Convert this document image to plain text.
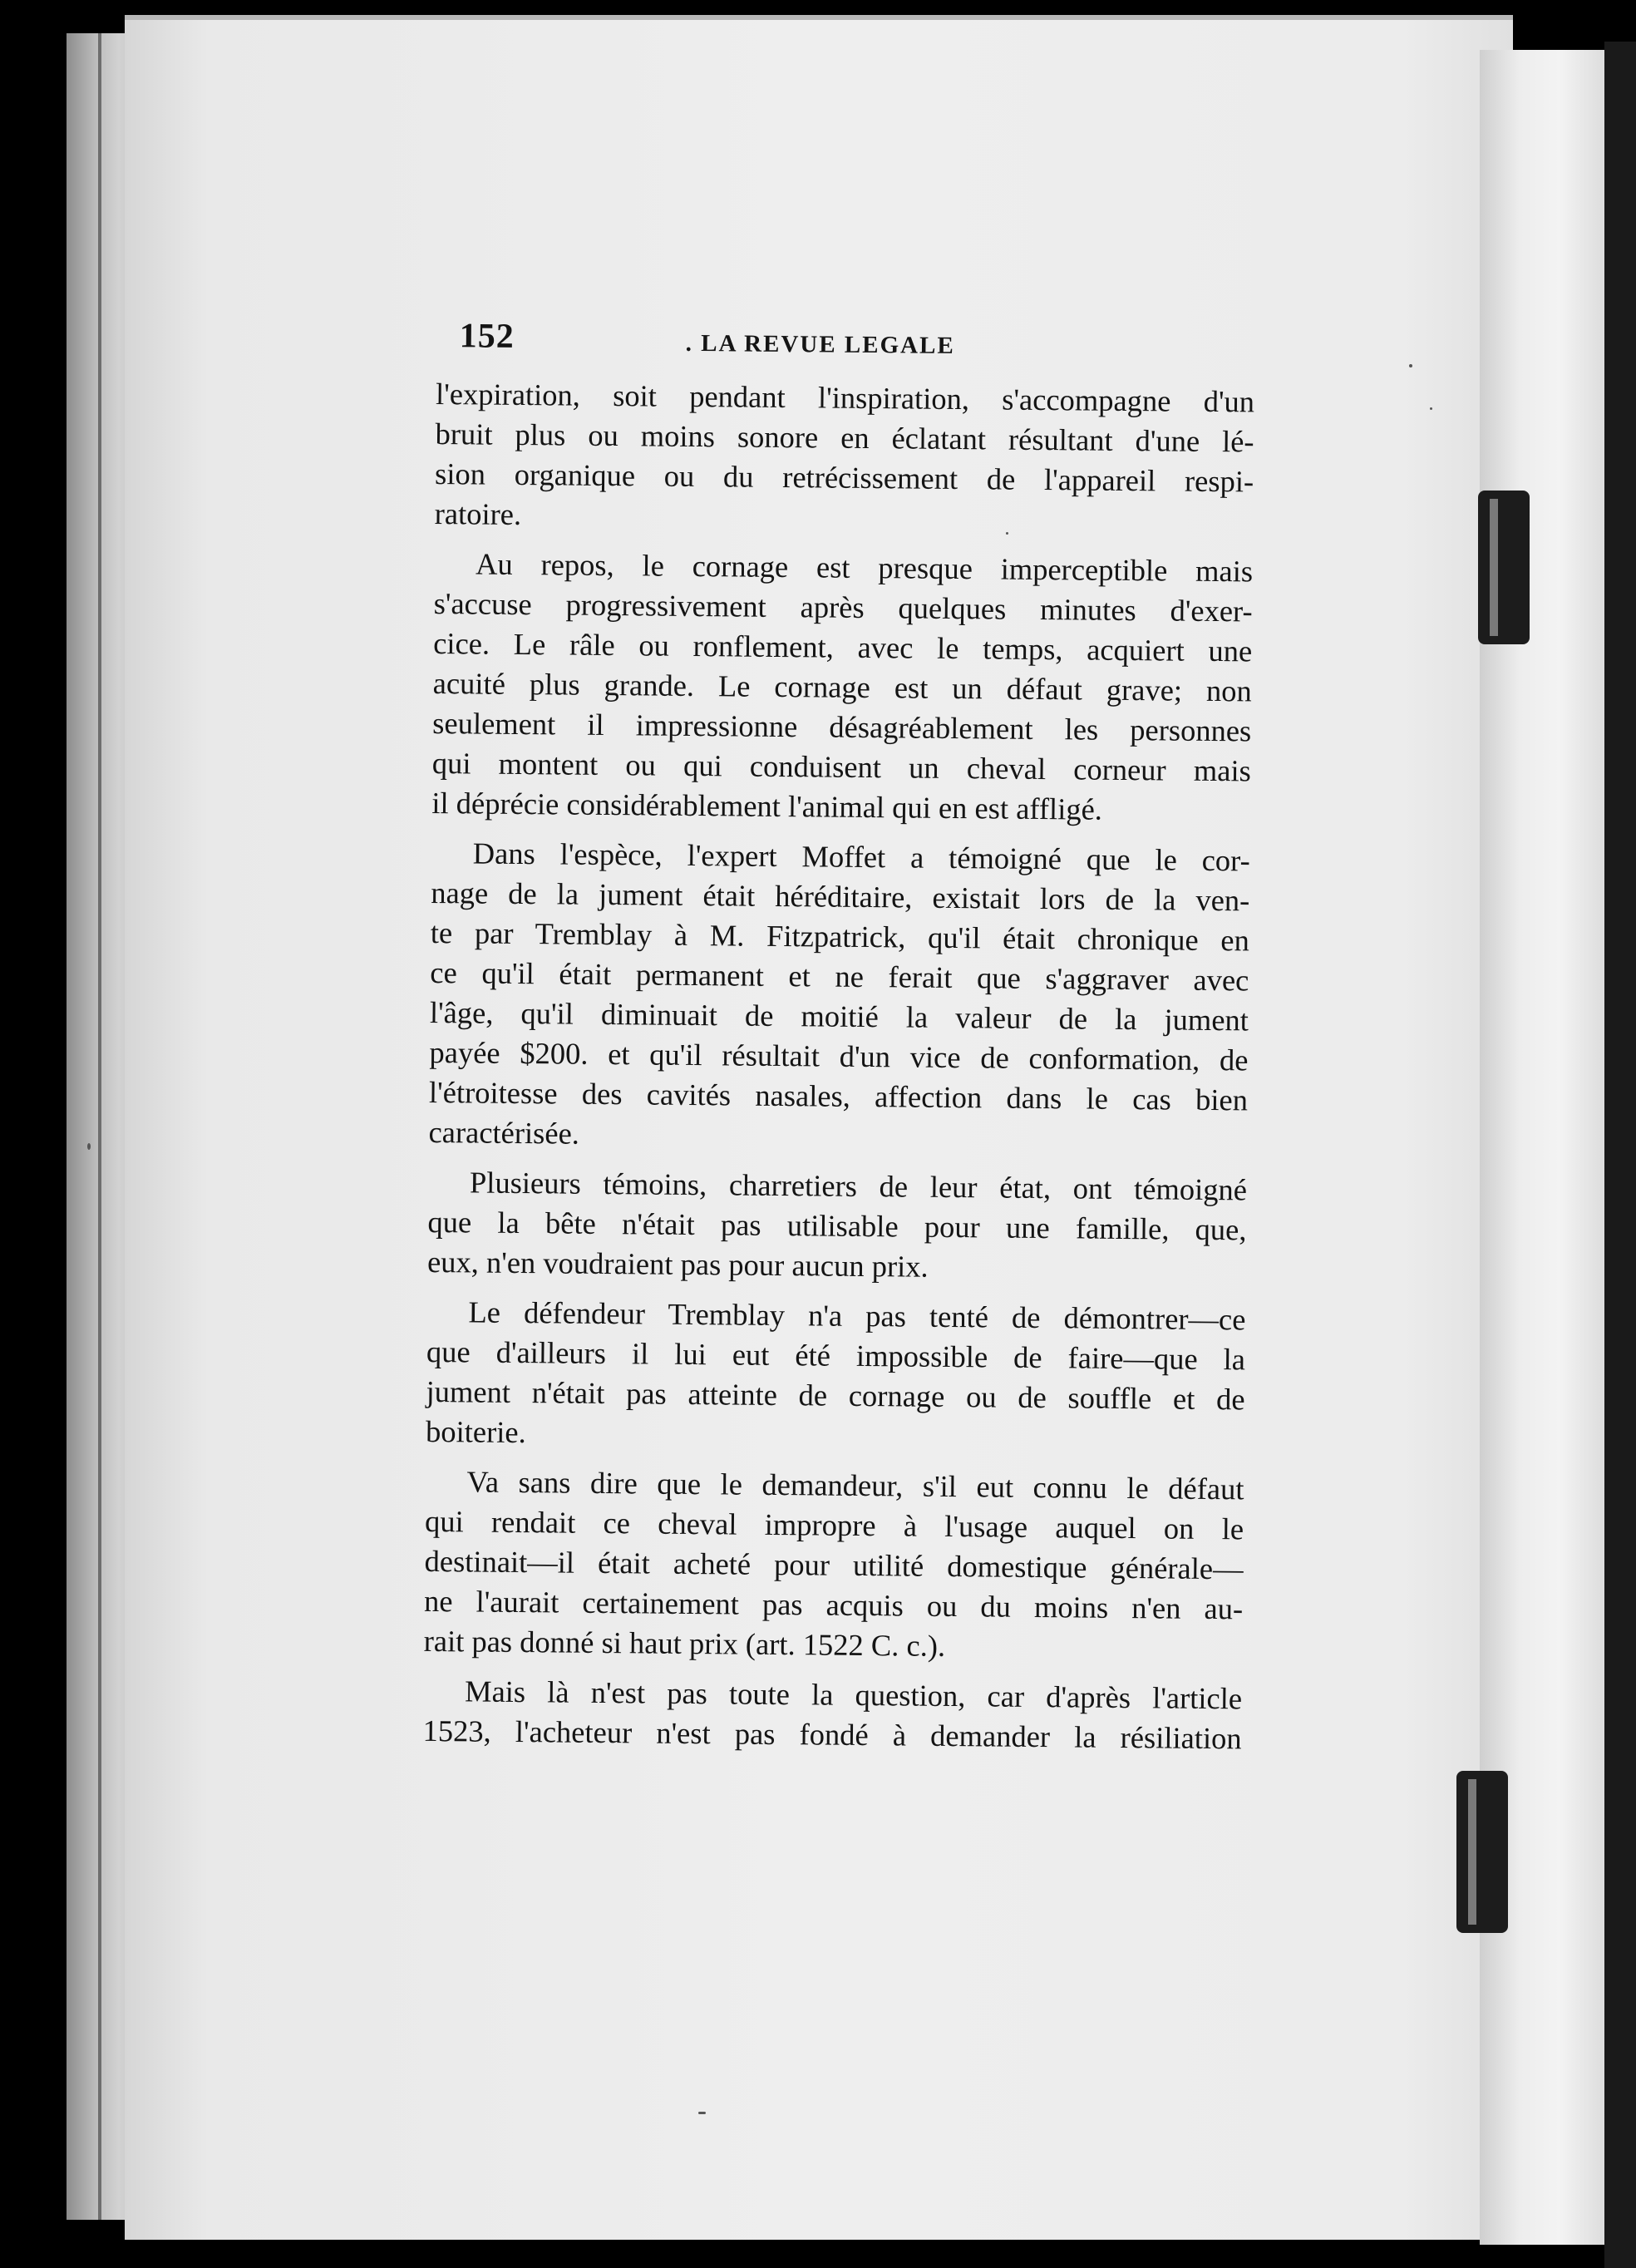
152	. LA REVUE LEGALE

l'expiration, soit pendant l'inspiration, s'accompagne d'un
bruit plus ou moins sonore en éclatant résultant d'une lé-
sion organique ou du retrécissement de l'appareil respi-
ratoire.

Au repos, le cornage est presque imperceptible mais
s'accuse progressivement après quelques minutes d'exer-
cice. Le râle ou ronflement, avec le temps, acquiert une
acuité plus grande. Le cornage est un défaut grave; non
seulement il impressionne désagréablement les personnes
qui montent ou qui conduisent un cheval corneur mais
il déprécie considérablement l'animal qui en est affligé.

Dans l'espèce, l'expert Moffet a témoigné que le cor-
nage de la jument était héréditaire, existait lors de la ven-
te par Tremblay à M. Fitzpatrick, qu'il était chronique en
ce qu'il était permanent et ne ferait que s'aggraver avec
l'âge, qu'il diminuait de moitié la valeur de la jument
payée $200. et qu'il résultait d'un vice de conformation, de
l'étroitesse des cavités nasales, affection dans le cas bien
caractérisée.

Plusieurs témoins, charretiers de leur état, ont témoigné
que la bête n'était pas utilisable pour une famille, que,
eux, n'en voudraient pas pour aucun prix.

Le défendeur Tremblay n'a pas tenté de démontrer—ce
que d'ailleurs il lui eut été impossible de faire—que la
jument n'était pas atteinte de cornage ou de souffle et de
boiterie.

Va sans dire que le demandeur, s'il eut connu le défaut
qui rendait ce cheval impropre à l'usage auquel on le
destinait—il était acheté pour utilité domestique générale—
ne l'aurait certainement pas acquis ou du moins n'en au-
rait pas donné si haut prix (art. 1522 C. c.).

Mais là n'est pas toute la question, car d'après l'article
1523, l'acheteur n'est pas fondé à demander la résiliation
